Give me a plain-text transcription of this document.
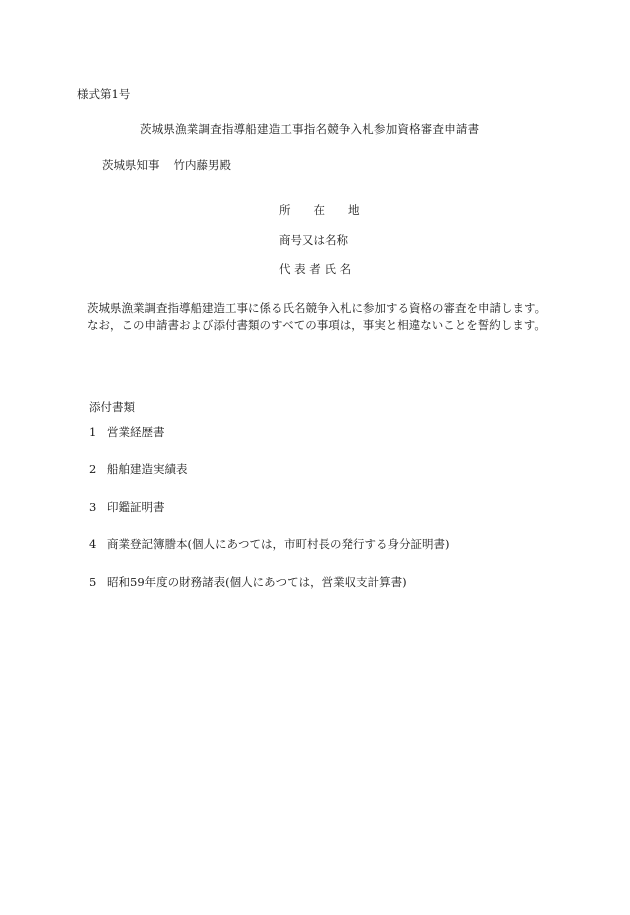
様式第1号
茨城県漁業調査指導船建造工事指名競争入札参加資格審査申請書
茨城県知事 竹内藤男殿
所　　在　　地
商号又は名称
代 表 者 氏 名

茨城県漁業調査指導船建造工事に係る氏名競争入札に参加する資格の審査を申請します。

なお，この申請書および添付書類のすべての事項は，事実と相違ないことを誓約します。

添付書類
1 営業経歴書
2 船舶建造実績表
3 印鑑証明書
4 商業登記簿謄本(個人にあつては，市町村長の発行する身分証明書)
5 昭和59年度の財務諸表(個人にあつては，営業収支計算書)
